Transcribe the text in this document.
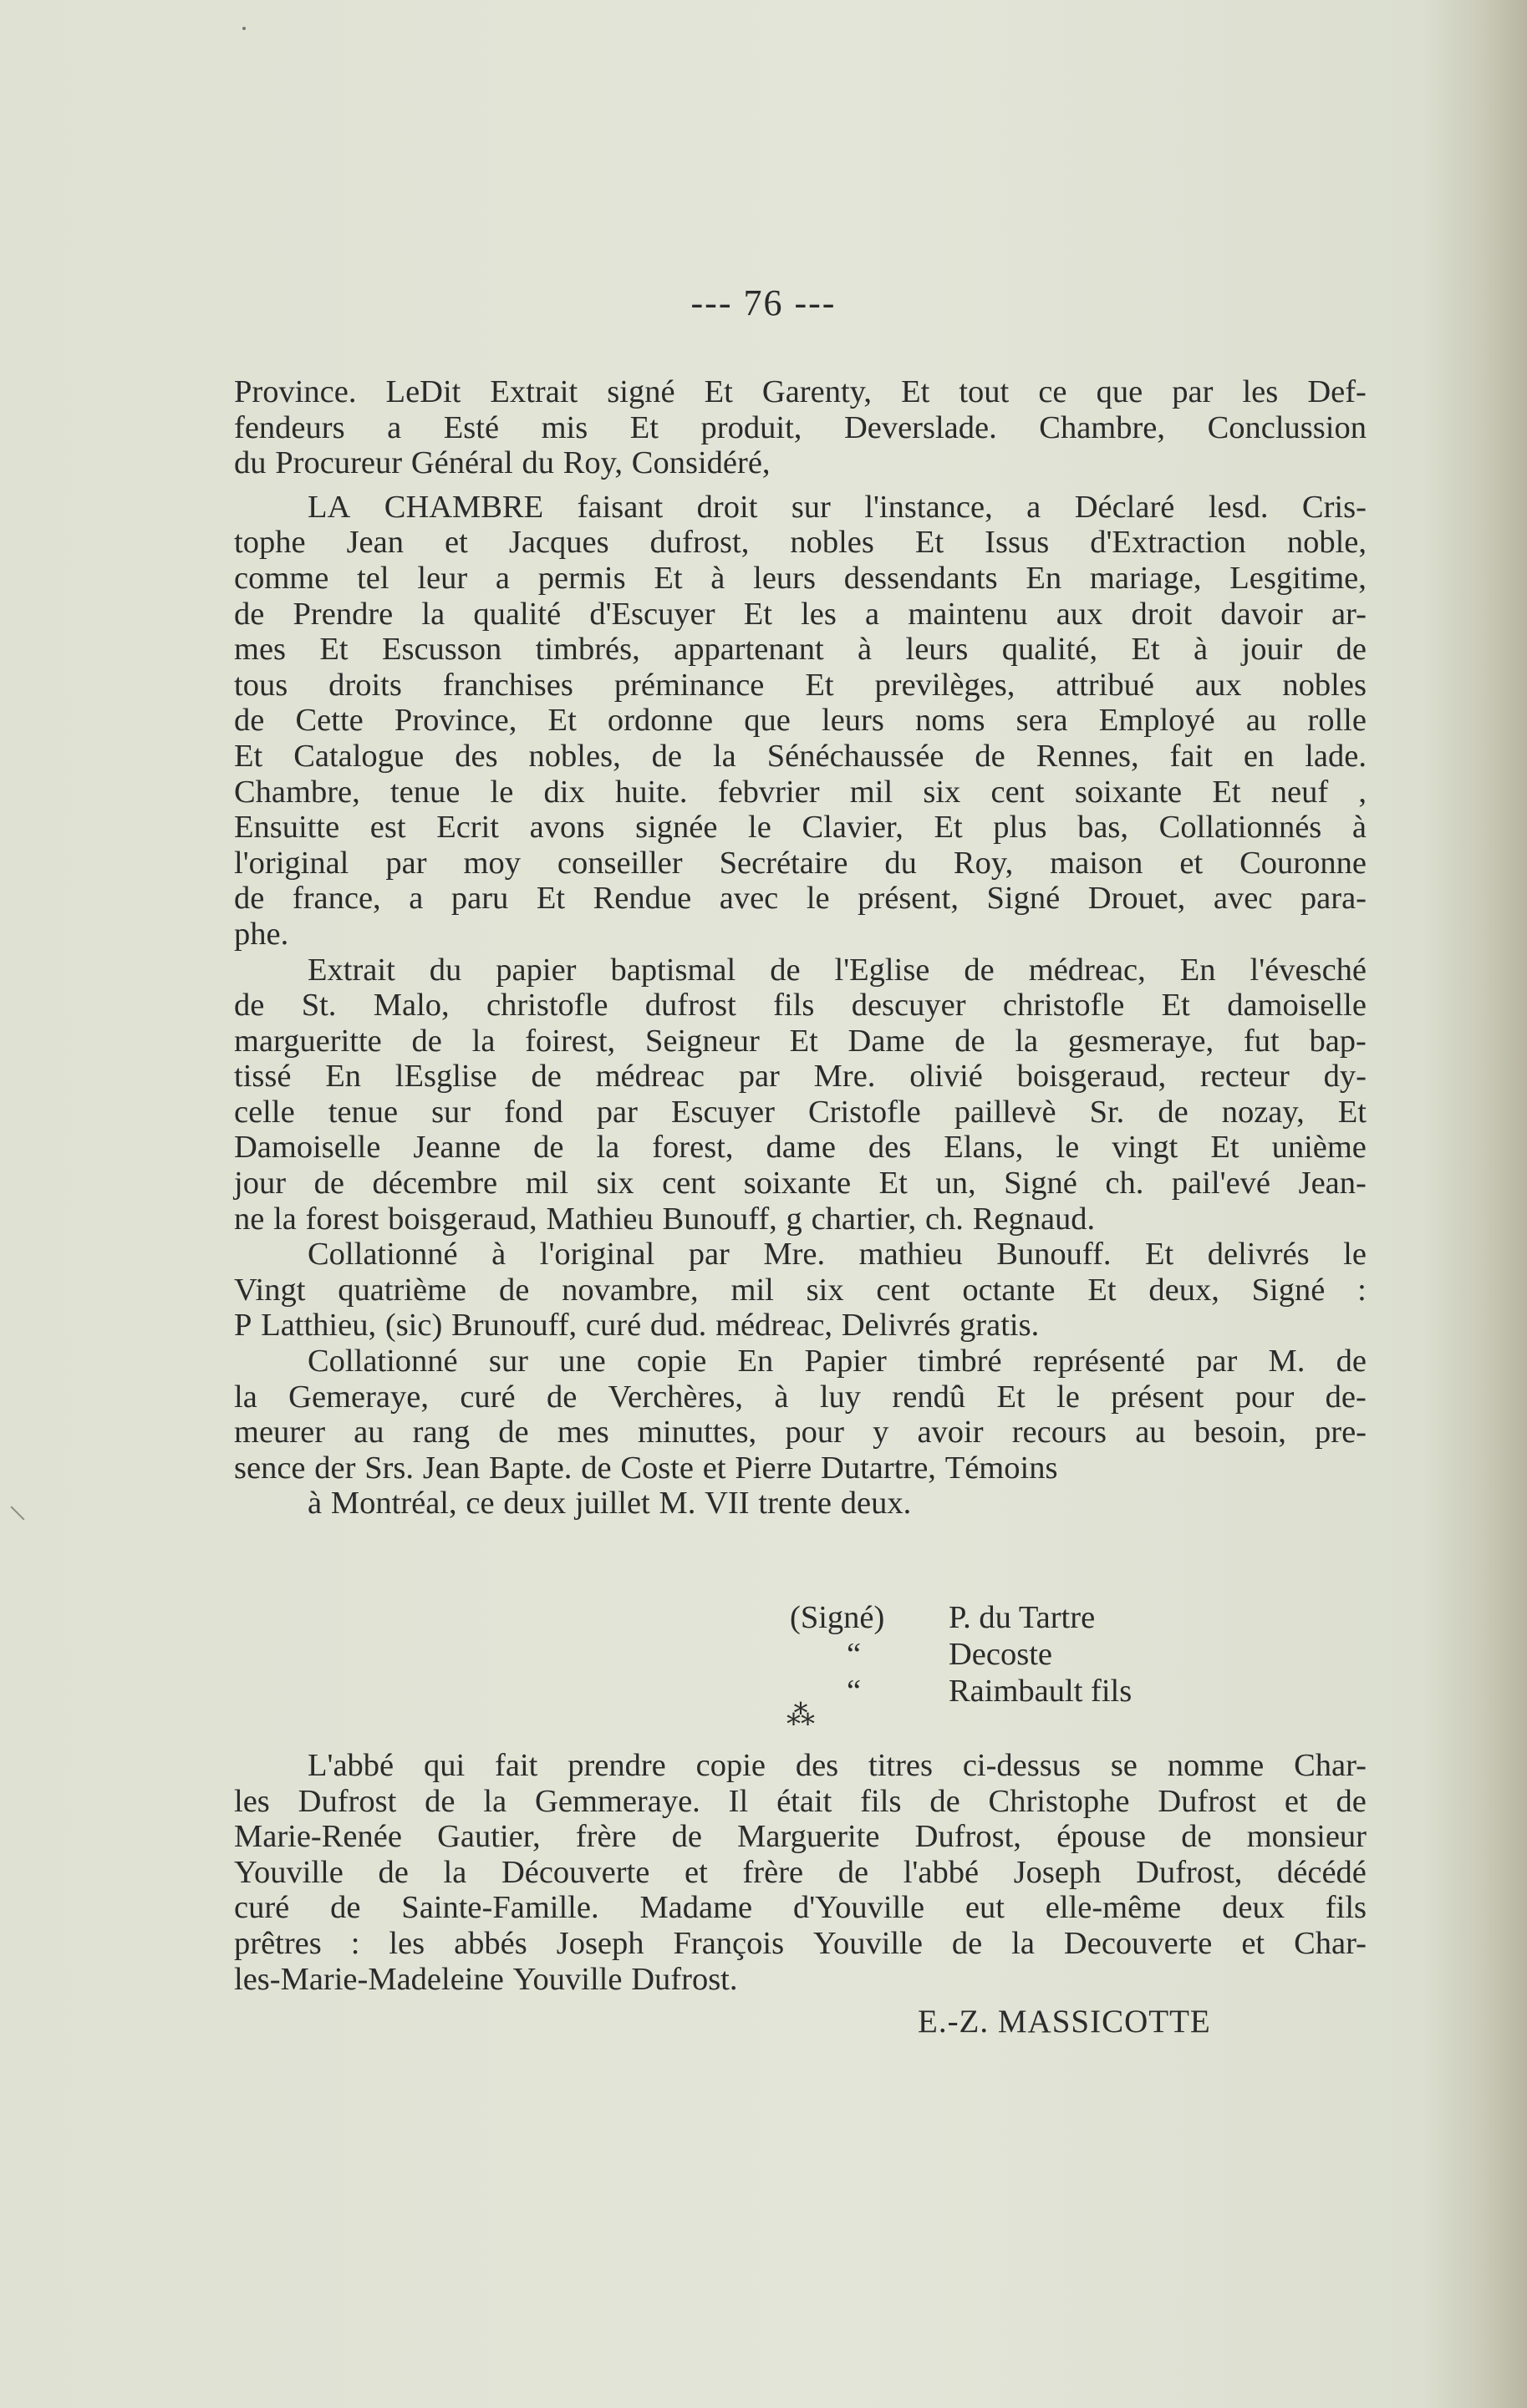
--- 76 ---
Province. LeDit Extrait signé Et Garenty, Et tout ce que par les Def-
fendeurs a Esté mis Et produit, Deverslade. Chambre, Conclussion
du Procureur Général du Roy, Considéré,
LA CHAMBRE faisant droit sur l'instance, a Déclaré lesd. Cris-
tophe Jean et Jacques dufrost, nobles Et Issus d'Extraction noble,
comme tel leur a permis Et à leurs dessendants En mariage, Lesgitime,
de Prendre la qualité d'Escuyer Et les a maintenu aux droit davoir ar-
mes Et Escusson timbrés, appartenant à leurs qualité, Et à jouir de
tous droits franchises préminance Et previlèges, attribué aux nobles
de Cette Province, Et ordonne que leurs noms sera Employé au rolle
Et Catalogue des nobles, de la Sénéchaussée de Rennes, fait en lade.
Chambre, tenue le dix huite. febvrier mil six cent soixante Et neuf ,
Ensuitte est Ecrit avons signée le Clavier, Et plus bas, Collationnés à
l'original par moy conseiller Secrétaire du Roy, maison et Couronne
de france, a paru Et Rendue avec le présent, Signé Drouet, avec para-
phe.
Extrait du papier baptismal de l'Eglise de médreac, En l'évesché
de St. Malo, christofle dufrost fils descuyer christofle Et damoiselle
margueritte de la foirest, Seigneur Et Dame de la gesmeraye, fut bap-
tissé En lEsglise de médreac par Mre. olivié boisgeraud, recteur dy-
celle tenue sur fond par Escuyer Cristofle paillevè Sr. de nozay, Et
Damoiselle Jeanne de la forest, dame des Elans, le vingt Et unième
jour de décembre mil six cent soixante Et un, Signé ch. pail'evé Jean-
ne la forest boisgeraud, Mathieu Bunouff, g chartier, ch. Regnaud.
Collationné à l'original par Mre. mathieu Bunouff. Et delivrés le
Vingt quatrième de novambre, mil six cent octante Et deux, Signé :
P Latthieu, (sic) Brunouff, curé dud. médreac, Delivrés gratis.
Collationné sur une copie En Papier timbré représenté par M. de
la Gemeraye, curé de Verchères, à luy rendû Et le présent pour de-
meurer au rang de mes minuttes, pour y avoir recours au besoin, pre-
sence der Srs. Jean Bapte. de Coste et Pierre Dutartre, Témoins
à Montréal, ce deux juillet M. VII trente deux.
(Signé)	P. du Tartre
“	Decoste
“	Raimbault fils
⁂
L'abbé qui fait prendre copie des titres ci-dessus se nomme Char-
les Dufrost de la Gemmeraye. Il était fils de Christophe Dufrost et de
Marie-Renée Gautier, frère de Marguerite Dufrost, épouse de monsieur
Youville de la Découverte et frère de l'abbé Joseph Dufrost, décédé
curé de Sainte-Famille. Madame d'Youville eut elle-même deux fils
prêtres : les abbés Joseph François Youville de la Decouverte et Char-
les-Marie-Madeleine Youville Dufrost.
E.-Z. MASSICOTTE
